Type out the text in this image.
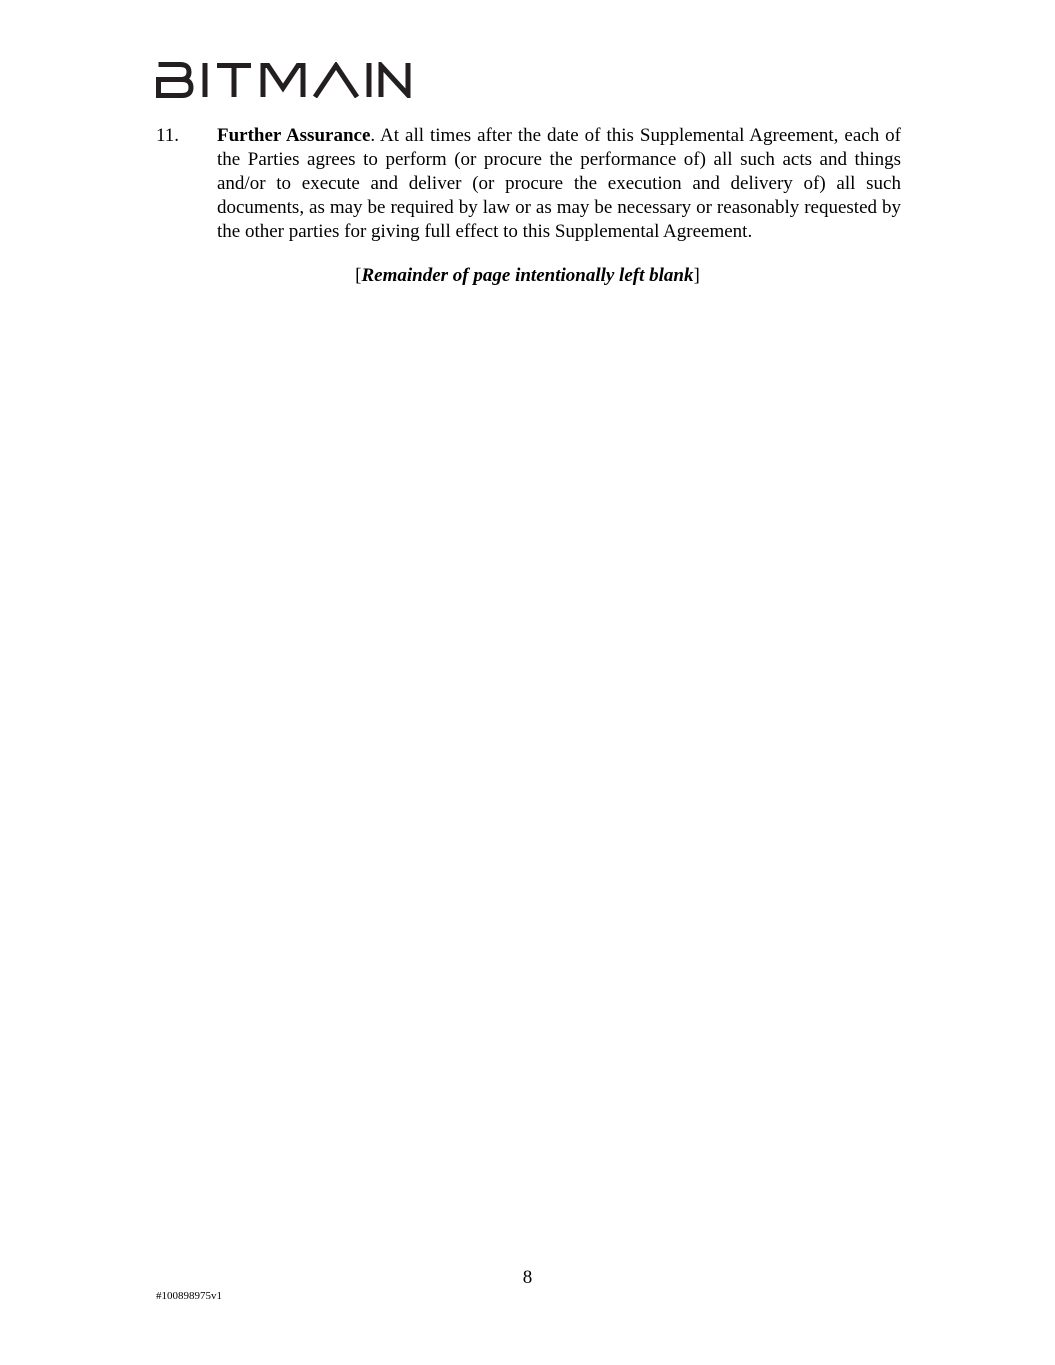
11.	Further Assurance. At all times after the date of this Supplemental Agreement, each of the Parties agrees to perform (or procure the performance of) all such acts and things and/or to execute and deliver (or procure the execution and delivery of) all such documents, as may be required by law or as may be necessary or reasonably requested by the other parties for giving full effect to this Supplemental Agreement.
[Remainder of page intentionally left blank]
8
#100898975v1
